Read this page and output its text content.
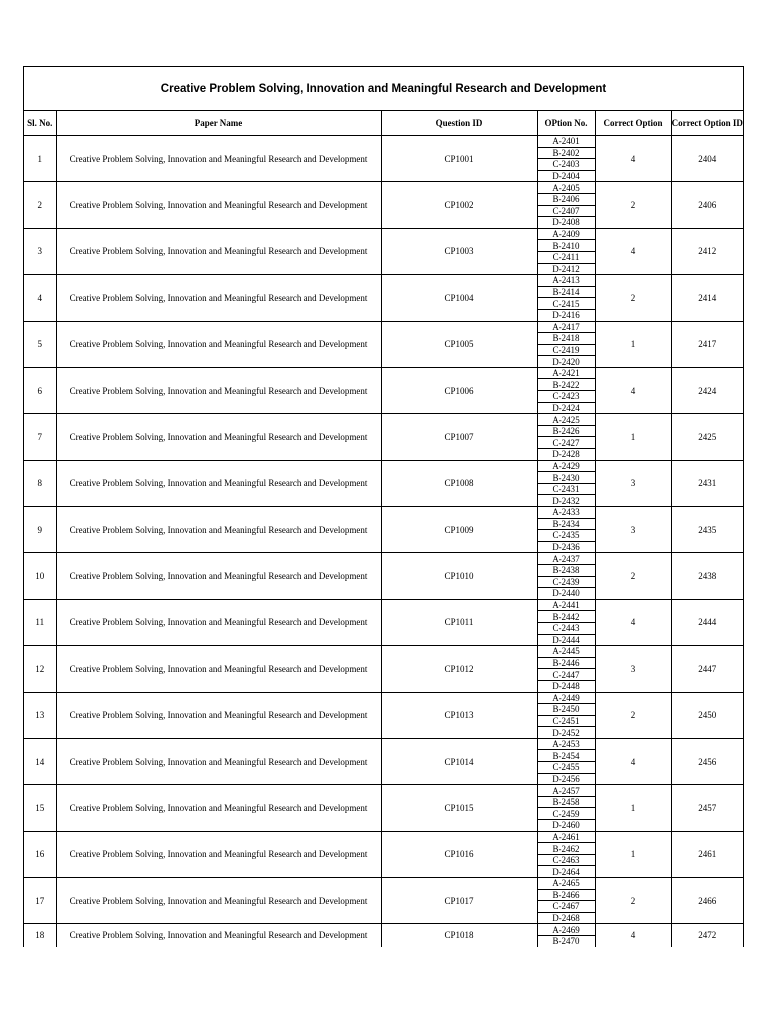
Creative Problem Solving, Innovation and Meaningful Research and Development
Sl. No.	Paper Name	Question ID	OPtion No.	Correct Option	Correct Option ID
1	Creative Problem Solving, Innovation and Meaningful Research and Development	CP1001	A-2401	4	2404
			B-2402		
			C-2403		
			D-2404		
2	Creative Problem Solving, Innovation and Meaningful Research and Development	CP1002	A-2405	2	2406
			B-2406		
			C-2407		
			D-2408		
3	Creative Problem Solving, Innovation and Meaningful Research and Development	CP1003	A-2409	4	2412
			B-2410		
			C-2411		
			D-2412		
4	Creative Problem Solving, Innovation and Meaningful Research and Development	CP1004	A-2413	2	2414
			B-2414		
			C-2415		
			D-2416		
5	Creative Problem Solving, Innovation and Meaningful Research and Development	CP1005	A-2417	1	2417
			B-2418		
			C-2419		
			D-2420		
6	Creative Problem Solving, Innovation and Meaningful Research and Development	CP1006	A-2421	4	2424
			B-2422		
			C-2423		
			D-2424		
7	Creative Problem Solving, Innovation and Meaningful Research and Development	CP1007	A-2425	1	2425
			B-2426		
			C-2427		
			D-2428		
8	Creative Problem Solving, Innovation and Meaningful Research and Development	CP1008	A-2429	3	2431
			B-2430		
			C-2431		
			D-2432		
9	Creative Problem Solving, Innovation and Meaningful Research and Development	CP1009	A-2433	3	2435
			B-2434		
			C-2435		
			D-2436		
10	Creative Problem Solving, Innovation and Meaningful Research and Development	CP1010	A-2437	2	2438
			B-2438		
			C-2439		
			D-2440		
11	Creative Problem Solving, Innovation and Meaningful Research and Development	CP1011	A-2441	4	2444
			B-2442		
			C-2443		
			D-2444		
12	Creative Problem Solving, Innovation and Meaningful Research and Development	CP1012	A-2445	3	2447
			B-2446		
			C-2447		
			D-2448		
13	Creative Problem Solving, Innovation and Meaningful Research and Development	CP1013	A-2449	2	2450
			B-2450		
			C-2451		
			D-2452		
14	Creative Problem Solving, Innovation and Meaningful Research and Development	CP1014	A-2453	4	2456
			B-2454		
			C-2455		
			D-2456		
15	Creative Problem Solving, Innovation and Meaningful Research and Development	CP1015	A-2457	1	2457
			B-2458		
			C-2459		
			D-2460		
16	Creative Problem Solving, Innovation and Meaningful Research and Development	CP1016	A-2461	1	2461
			B-2462		
			C-2463		
			D-2464		
17	Creative Problem Solving, Innovation and Meaningful Research and Development	CP1017	A-2465	2	2466
			B-2466		
			C-2467		
			D-2468		
18	Creative Problem Solving, Innovation and Meaningful Research and Development	CP1018	A-2469	4	2472
			B-2470		
